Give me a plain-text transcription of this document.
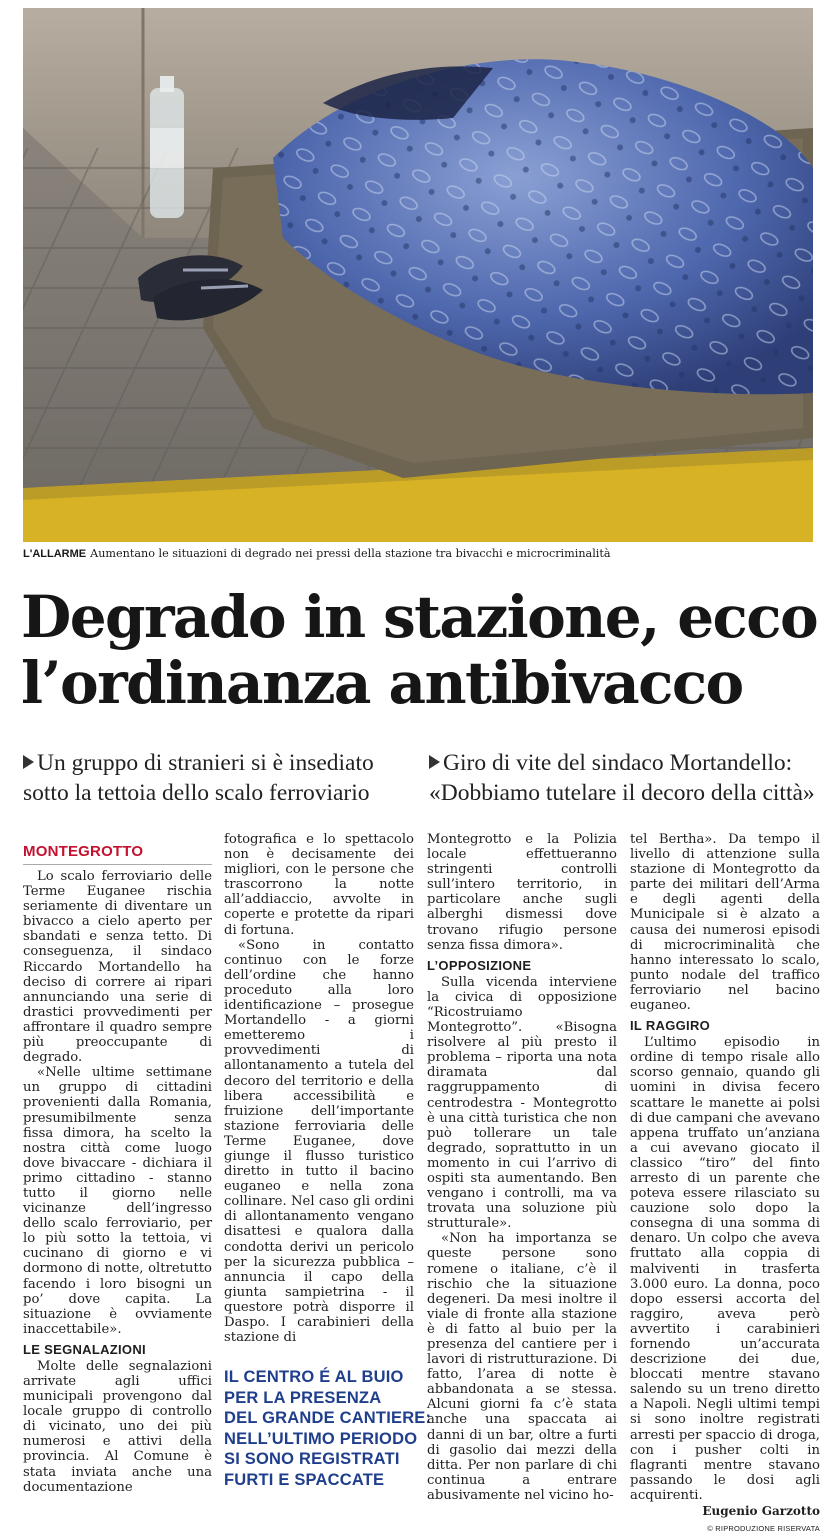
L'ALLARME Aumentano le situazioni di degrado nei pressi della stazione tra bivacchi e microcriminalità
Degrado in stazione, ecco
l’ordinanza antibivacco
Un gruppo di stranieri si è insediato sotto la tettoia dello scalo ferroviario
Giro di vite del sindaco Mortandello: «Dobbiamo tutelare il decoro della città»
MONTEGROTTO

Lo scalo ferroviario delle Terme Euganee rischia seriamente di diventare un bivacco a cielo aperto per sbandati e senza tetto. Di conseguenza, il sindaco Riccardo Mortandello ha deciso di correre ai ripari annunciando una serie di drastici provvedimenti per affrontare il quadro sempre più preoccupante di degrado.

«Nelle ultime settimane un gruppo di cittadini provenienti dalla Romania, presumibilmente senza fissa dimora, ha scelto la nostra città come luogo dove bivaccare - dichiara il primo cittadino - stanno tutto il giorno nelle vicinanze dell’ingresso dello scalo ferroviario, per lo più sotto la tettoia, vi cucinano di giorno e vi dormono di notte, oltretutto facendo i loro bisogni un po’ dove capita. La situazione è ovviamente inaccettabile».

LE SEGNALAZIONI

Molte delle segnalazioni arrivate agli uffici municipali provengono dal locale gruppo di controllo di vicinato, uno dei più numerosi e attivi della provincia. Al Comune è stata inviata anche una documentazione

fotografica e lo spettacolo non è decisamente dei migliori, con le persone che trascorrono la notte all’addiaccio, avvolte in coperte e protette da ripari di fortuna.

«Sono in contatto continuo con le forze dell’ordine che hanno proceduto alla loro identificazione – prosegue Mortandello - a giorni emetteremo i provvedimenti di allontanamento a tutela del decoro del territorio e della libera accessibilità e fruizione dell’importante stazione ferroviaria delle Terme Euganee, dove giunge il flusso turistico diretto in tutto il bacino euganeo e nella zona collinare. Nel caso gli ordini di allontanamento vengano disattesi e qualora dalla condotta derivi un pericolo per la sicurezza pubblica – annuncia il capo della giunta sampietrina - il questore potrà disporre il Daspo. I carabinieri della stazione di

IL CENTRO É AL BUIO
PER LA PRESENZA
DEL GRANDE CANTIERE:
NELL’ULTIMO PERIODO
SI SONO REGISTRATI
FURTI E SPACCATE

Montegrotto e la Polizia locale effettueranno stringenti controlli sull’intero territorio, in particolare anche sugli alberghi dismessi dove trovano rifugio persone senza fissa dimora».

L’OPPOSIZIONE

Sulla vicenda interviene la civica di opposizione “Ricostruiamo Montegrotto”. «Bisogna risolvere al più presto il problema – riporta una nota diramata dal raggruppamento di centrodestra - Montegrotto è una città turistica che non può tollerare un tale degrado, soprattutto in un momento in cui l’arrivo di ospiti sta aumentando. Ben vengano i controlli, ma va trovata una soluzione più strutturale».

«Non ha importanza se queste persone sono romene o italiane, c’è il rischio che la situazione degeneri. Da mesi inoltre il viale di fronte alla stazione è di fatto al buio per la presenza del cantiere per i lavori di ristrutturazione. Di fatto, l’area di notte è abbandonata a se stessa. Alcuni giorni fa c’è stata anche una spaccata ai danni di un bar, oltre a furti di gasolio dai mezzi della ditta. Per non parlare di chi continua a entrare abusivamente nel vicino ho-

tel Bertha». Da tempo il livello di attenzione sulla stazione di Montegrotto da parte dei militari dell’Arma e degli agenti della Municipale si è alzato a causa dei numerosi episodi di microcriminalità che hanno interessato lo scalo, punto nodale del traffico ferroviario nel bacino euganeo.

IL RAGGIRO

L’ultimo episodio in ordine di tempo risale allo scorso gennaio, quando gli uomini in divisa fecero scattare le manette ai polsi di due campani che avevano appena truffato un’anziana a cui avevano giocato il classico “tiro” del finto arresto di un parente che poteva essere rilasciato su cauzione solo dopo la consegna di una somma di denaro. Un colpo che aveva fruttato alla coppia di malviventi in trasferta 3.000 euro. La donna, poco dopo essersi accorta del raggiro, aveva però avvertito i carabinieri fornendo un’accurata descrizione dei due, bloccati mentre stavano salendo su un treno diretto a Napoli. Negli ultimi tempi si sono inoltre registrati arresti per spaccio di droga, con i pusher colti in flagranti mentre stavano passando le dosi agli acquirenti.

Eugenio Garzotto
© RIPRODUZIONE RISERVATA
